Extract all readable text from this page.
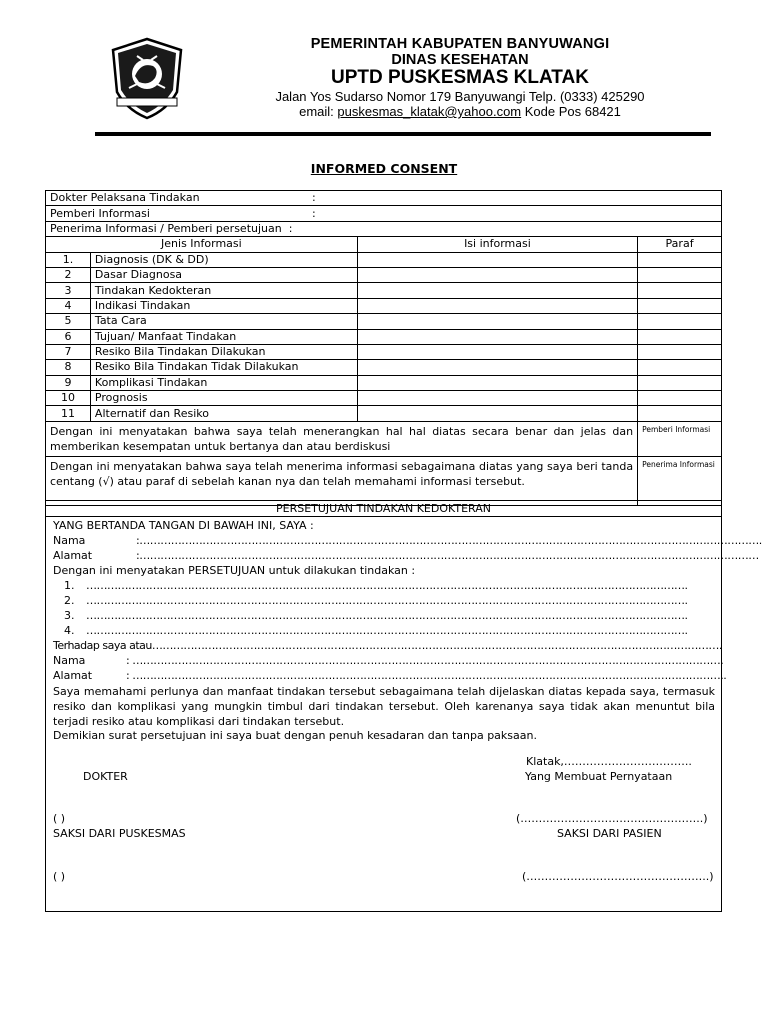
PEMERINTAH KABUPATEN BANYUWANGI
DINAS KESEHATAN
UPTD PUSKESMAS KLATAK
Jalan Yos Sudarso Nomor 179 Banyuwangi Telp. (0333) 425290
email: puskesmas_klatak@yahoo.com Kode Pos 68421
INFORMED CONSENT
Dokter Pelaksana Tindakan :			
Pemberi Informasi :			
Penerima Informasi / Pemberi persetujuan :			
Jenis Informasi		Isi informasi	Paraf
1.	Diagnosis (DK & DD)		
2	Dasar Diagnosa		
3	Tindakan Kedokteran		
4	Indikasi Tindakan		
5	Tata Cara		
6	Tujuan/ Manfaat Tindakan		
7	Resiko Bila Tindakan Dilakukan		
8	Resiko Bila Tindakan Tidak Dilakukan		
9	Komplikasi Tindakan		
10	Prognosis		
11	Alternatif dan Resiko		
Dengan ini menyatakan bahwa saya telah menerangkan hal hal diatas secara benar dan jelas dan memberikan kesempatan untuk bertanya dan atau berdiskusi			Pemberi Informasi
Dengan ini menyatakan bahwa saya telah menerima informasi sebagaimana diatas yang saya beri tanda centang (√) atau paraf di sebelah kanan nya dan telah memahami informasi tersebut.			Penerima Informasi
PERSETUJUAN TINDAKAN KEDOKTERAN
YANG BERTANDA TANGAN DI BAWAH INI, SAYA :
Nama	:…………………………………………………………………………………………………………………………………………………………….
Alamat	:……………………………………………………………………………………………………………………………………………………………
Dengan ini menyatakan PERSETUJUAN untuk dilakukan tindakan :
1. ……………………………………………………………………………………………………………………………………………………….
2. ……………………………………………………………………………………………………………………………………………………….
3. ……………………………………………………………………………………………………………………………………………………….
4. ……………………………………………………………………………………………………………………………………………………….
Terhadap saya atau……………………………………………………………………………………………………………………………………………….
Nama	: …………………………………………………………………………………………………………………………………………………….
Alamat	: ……………………………………………………………………………………………………………………………………………………..
Saya memahami perlunya dan manfaat tindakan tersebut sebagaimana telah dijelaskan diatas kepada saya, termasuk resiko dan komplikasi yang mungkin timbul dari tindakan tersebut. Oleh karenanya saya tidak akan menuntut bila terjadi resiko atau komplikasi dari tindakan tersebut.
Demikian surat persetujuan ini saya buat dengan penuh kesadaran dan tanpa paksaan.
Klatak,……………………………..
DOKTER	Yang Membuat Pernyataan
( )	(…………………………………………..)
SAKSI DARI PUSKESMAS	SAKSI DARI PASIEN
( )	(…………………………………………..)
